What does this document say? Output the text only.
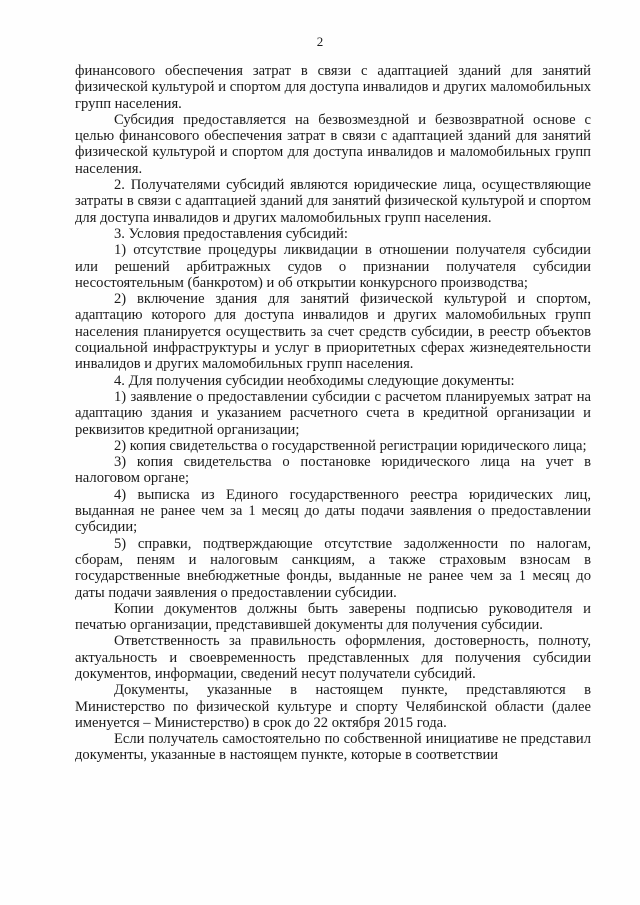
2

финансового обеспечения затрат в связи с адаптацией зданий для занятий физической культурой и спортом для доступа инвалидов и других маломобильных групп населения.

Субсидия предоставляется на безвозмездной и безвозвратной основе с целью финансового обеспечения затрат в связи с адаптацией зданий для занятий физической культурой и спортом для доступа инвалидов и маломобильных групп населения.

2. Получателями субсидий являются юридические лица, осуществляющие затраты в связи с адаптацией зданий для занятий физической культурой и спортом для доступа инвалидов и других маломобильных групп населения.

3. Условия предоставления субсидий:

1) отсутствие процедуры ликвидации в отношении получателя субсидии или решений арбитражных судов о признании получателя субсидии несостоятельным (банкротом) и об открытии конкурсного производства;

2) включение здания для занятий физической культурой и спортом, адаптацию которого для доступа инвалидов и других маломобильных групп населения планируется осуществить за счет средств субсидии, в реестр объектов социальной инфраструктуры и услуг в приоритетных сферах жизнедеятельности инвалидов и других маломобильных групп населения.

4. Для получения субсидии необходимы следующие документы:

1) заявление о предоставлении субсидии с расчетом планируемых затрат на адаптацию здания и указанием расчетного счета в кредитной организации и реквизитов кредитной организации;

2) копия свидетельства о государственной регистрации юридического лица;

3) копия свидетельства о постановке юридического лица на учет в налоговом органе;

4) выписка из Единого государственного реестра юридических лиц, выданная не ранее чем за 1 месяц до даты подачи заявления о предоставлении субсидии;

5) справки, подтверждающие отсутствие задолженности по налогам, сборам, пеням и налоговым санкциям, а также страховым взносам в государственные внебюджетные фонды, выданные не ранее чем за 1 месяц до даты подачи заявления о предоставлении субсидии.

Копии документов должны быть заверены подписью руководителя и печатью организации, представившей документы для получения субсидии.

Ответственность за правильность оформления, достоверность, полноту, актуальность и своевременность представленных для получения субсидии документов, информации, сведений несут получатели субсидий.

Документы, указанные в настоящем пункте, представляются в Министерство по физической культуре и спорту Челябинской области (далее именуется – Министерство) в срок до 22 октября 2015 года.

Если получатель самостоятельно по собственной инициативе не представил документы, указанные в настоящем пункте, которые в соответствии
